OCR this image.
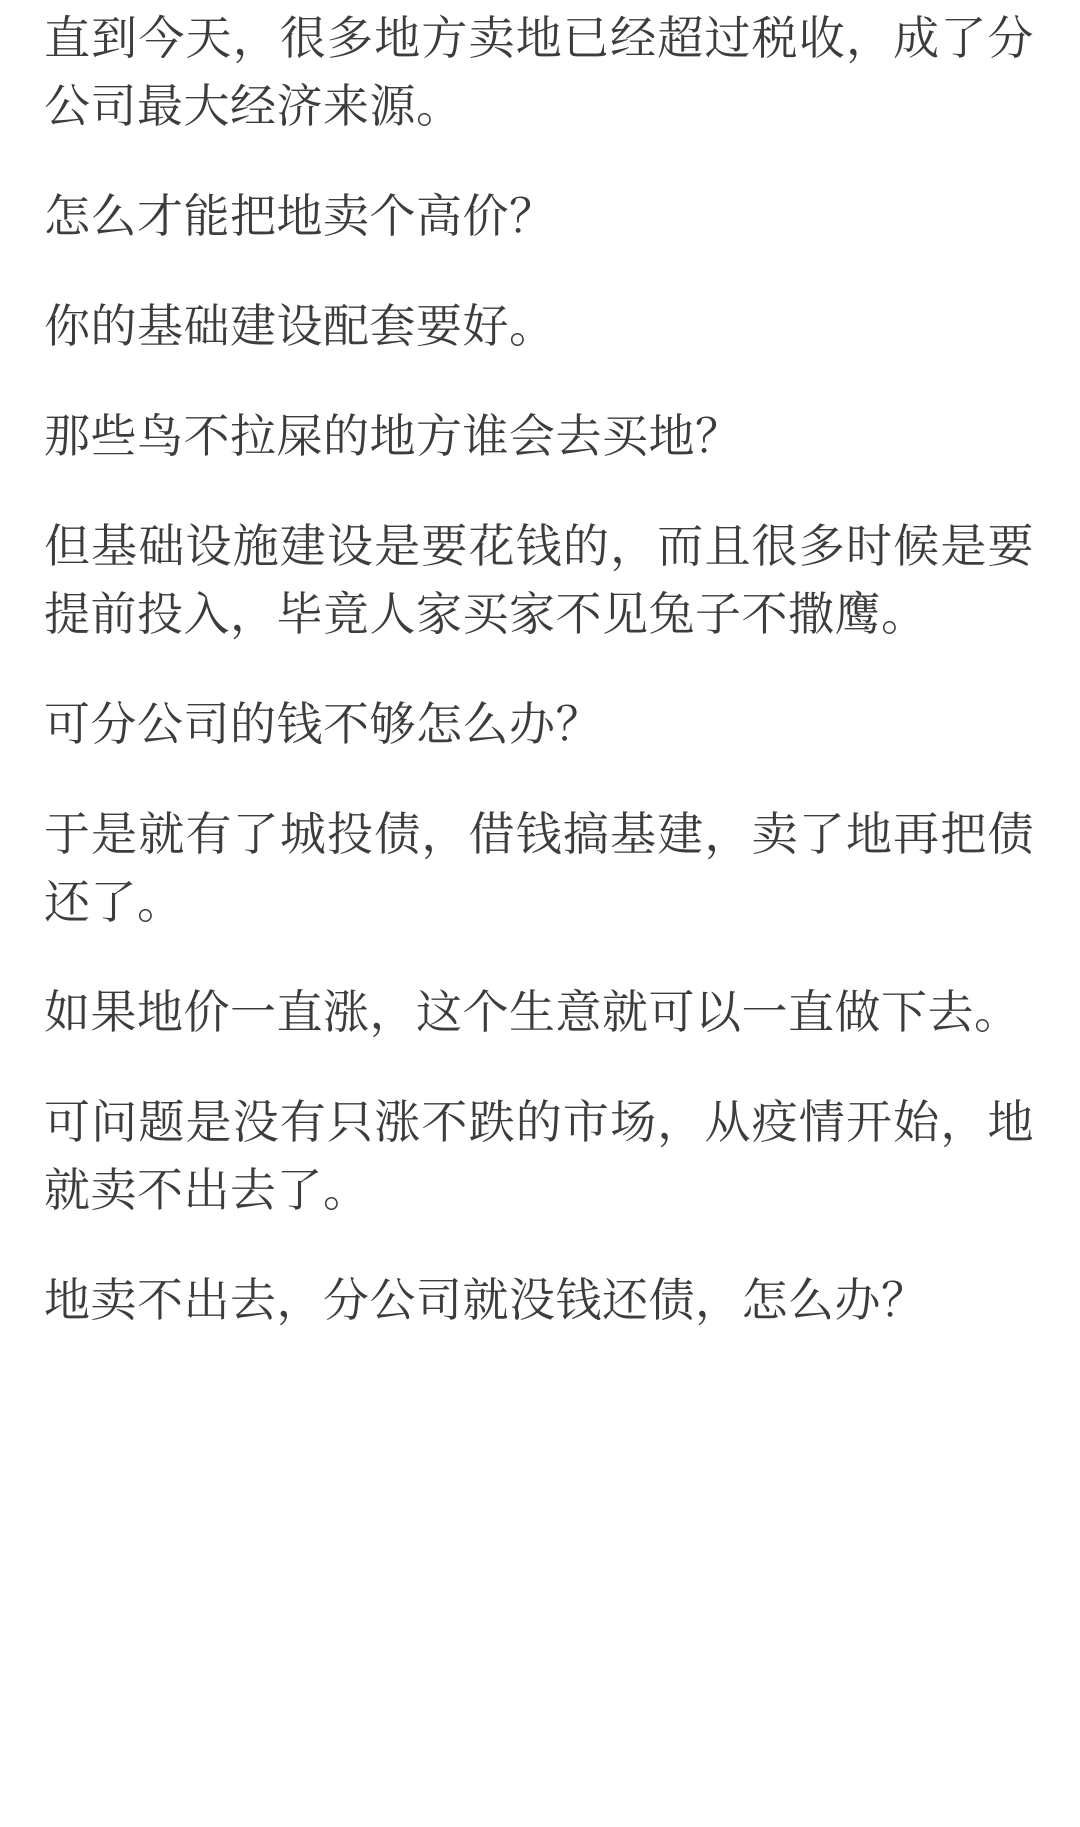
直到今天，很多地方卖地已经超过税收，成了分公司最大经济来源。

怎么才能把地卖个高价？

你的基础建设配套要好。

那些鸟不拉屎的地方谁会去买地？

但基础设施建设是要花钱的，而且很多时候是要提前投入，毕竟人家买家不见兔子不撒鹰。

可分公司的钱不够怎么办？

于是就有了城投债，借钱搞基建，卖了地再把债还了。

如果地价一直涨，这个生意就可以一直做下去。

可问题是没有只涨不跌的市场，从疫情开始，地就卖不出去了。

地卖不出去，分公司就没钱还债，怎么办？
